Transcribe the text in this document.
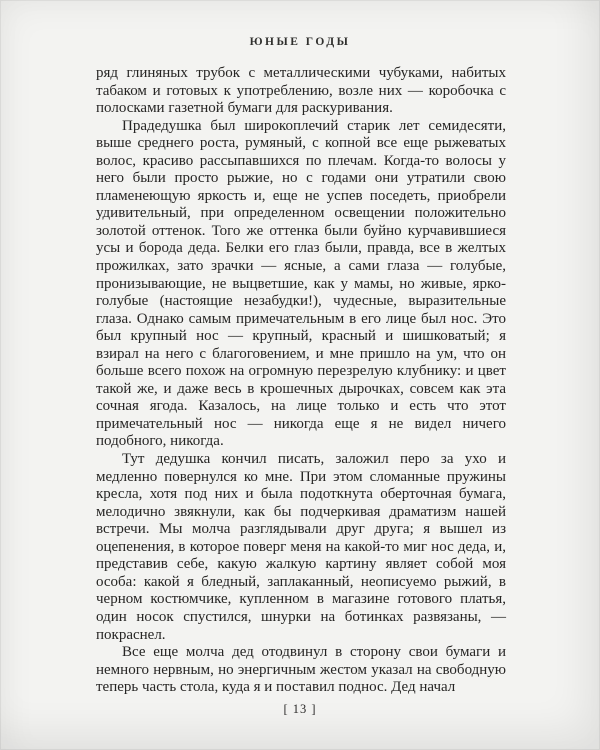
ЮНЫЕ ГОДЫ

ряд глиняных трубок с металлическими чубуками, набитых табаком и готовых к употреблению, возле них — коробочка с полосками газетной бумаги для раскуривания.

Прадедушка был широкоплечий старик лет семидесяти, выше среднего роста, румяный, с копной все еще рыжеватых волос, красиво рассыпавшихся по плечам. Когда-то волосы у него были просто рыжие, но с годами они утратили свою пламенеющую яркость и, еще не успев поседеть, приобрели удивительный, при определенном освещении положительно золотой оттенок. Того же оттенка были буйно курчавившиеся усы и борода деда. Белки его глаз были, правда, все в желтых прожилках, зато зрачки — ясные, а сами глаза — голубые, пронизывающие, не выцветшие, как у мамы, но живые, ярко-голубые (настоящие незабудки!), чудесные, выразительные глаза. Однако самым примечательным в его лице был нос. Это был крупный нос — крупный, красный и шишковатый; я взирал на него с благоговением, и мне пришло на ум, что он больше всего похож на огромную перезрелую клубнику: и цвет такой же, и даже весь в крошечных дырочках, совсем как эта сочная ягода. Казалось, на лице только и есть что этот примечательный нос — никогда еще я не видел ничего подобного, никогда.

Тут дедушка кончил писать, заложил перо за ухо и медленно повернулся ко мне. При этом сломанные пружины кресла, хотя под них и была подоткнута оберточная бумага, мелодично звякнули, как бы подчеркивая драматизм нашей встречи. Мы молча разглядывали друг друга; я вышел из оцепенения, в которое поверг меня на какой-то миг нос деда, и, представив себе, какую жалкую картину являет собой моя особа: какой я бледный, заплаканный, неописуемо рыжий, в черном костюмчике, купленном в магазине готового платья, один носок спустился, шнурки на ботинках развязаны, — покраснел.

Все еще молча дед отодвинул в сторону свои бумаги и немного нервным, но энергичным жестом указал на свободную теперь часть стола, куда я и поставил поднос. Дед начал

[ 13 ]
